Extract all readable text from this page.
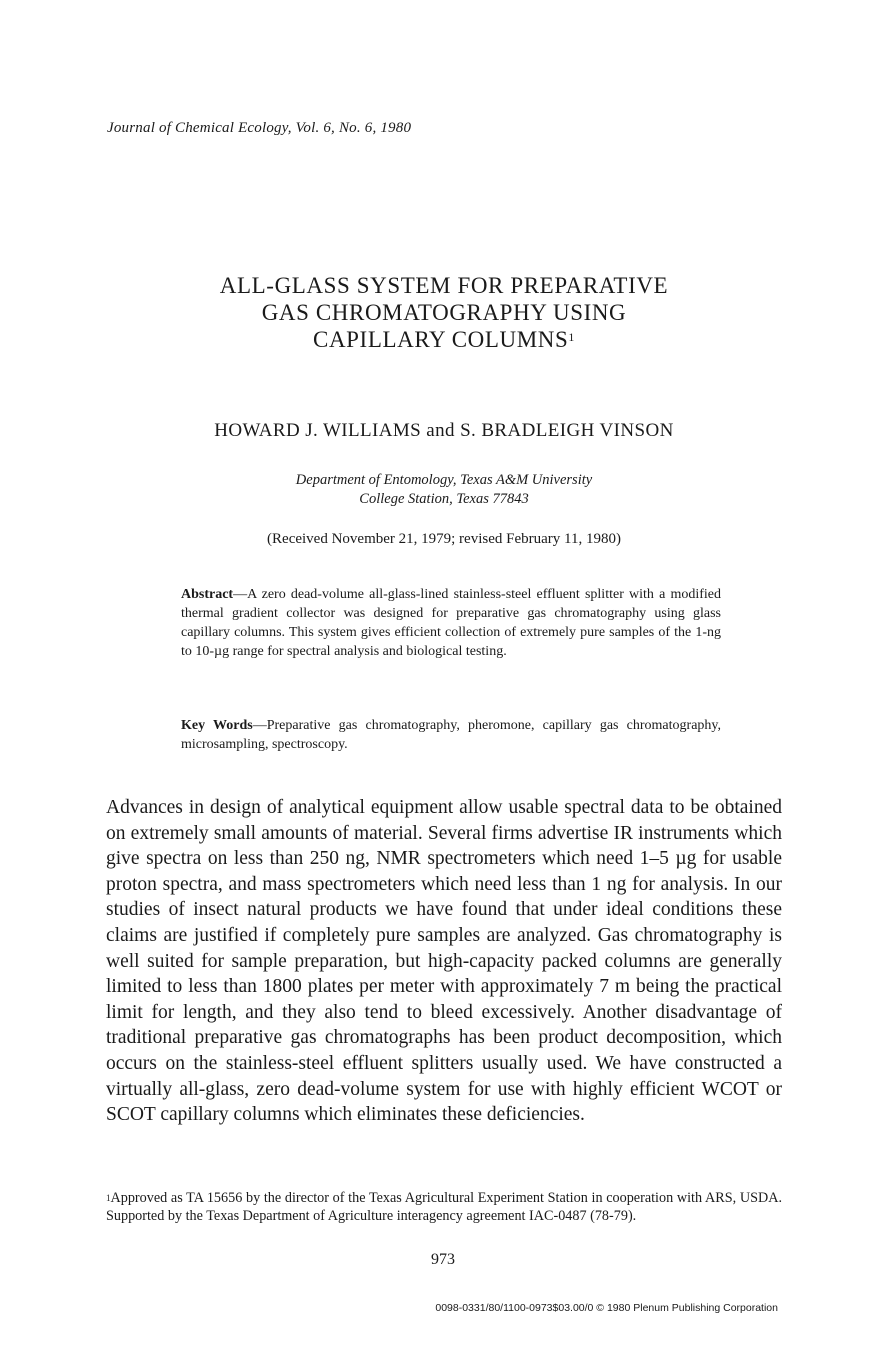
Journal of Chemical Ecology, Vol. 6, No. 6, 1980
ALL-GLASS SYSTEM FOR PREPARATIVE
GAS CHROMATOGRAPHY USING
CAPILLARY COLUMNS$^1$
HOWARD J. WILLIAMS and S. BRADLEIGH VINSON
Department of Entomology, Texas A&M University
College Station, Texas 77843
(Received November 21, 1979; revised February 11, 1980)
Abstract—A zero dead-volume all-glass-lined stainless-steel effluent splitter with a modified thermal gradient collector was designed for preparative gas chromatography using glass capillary columns. This system gives efficient collection of extremely pure samples of the 1-ng to 10-µg range for spectral analysis and biological testing.
Key Words—Preparative gas chromatography, pheromone, capillary gas chromatography, microsampling, spectroscopy.
Advances in design of analytical equipment allow usable spectral data to be obtained on extremely small amounts of material. Several firms advertise IR instruments which give spectra on less than 250 ng, NMR spectrometers which need 1–5 µg for usable proton spectra, and mass spectrometers which need less than 1 ng for analysis. In our studies of insect natural products we have found that under ideal conditions these claims are justified if completely pure samples are analyzed. Gas chromatography is well suited for sample preparation, but high-capacity packed columns are generally limited to less than 1800 plates per meter with approximately 7 m being the practical limit for length, and they also tend to bleed excessively. Another disadvantage of traditional preparative gas chromatographs has been product decomposition, which occurs on the stainless-steel effluent splitters usually used. We have constructed a virtually all-glass, zero dead-volume system for use with highly efficient WCOT or SCOT capillary columns which eliminates these deficiencies.
$^1$Approved as TA 15656 by the director of the Texas Agricultural Experiment Station in cooperation with ARS, USDA. Supported by the Texas Department of Agriculture interagency agreement IAC-0487 (78-79).
973
0098-0331/80/1100-0973$03.00/0 © 1980 Plenum Publishing Corporation
